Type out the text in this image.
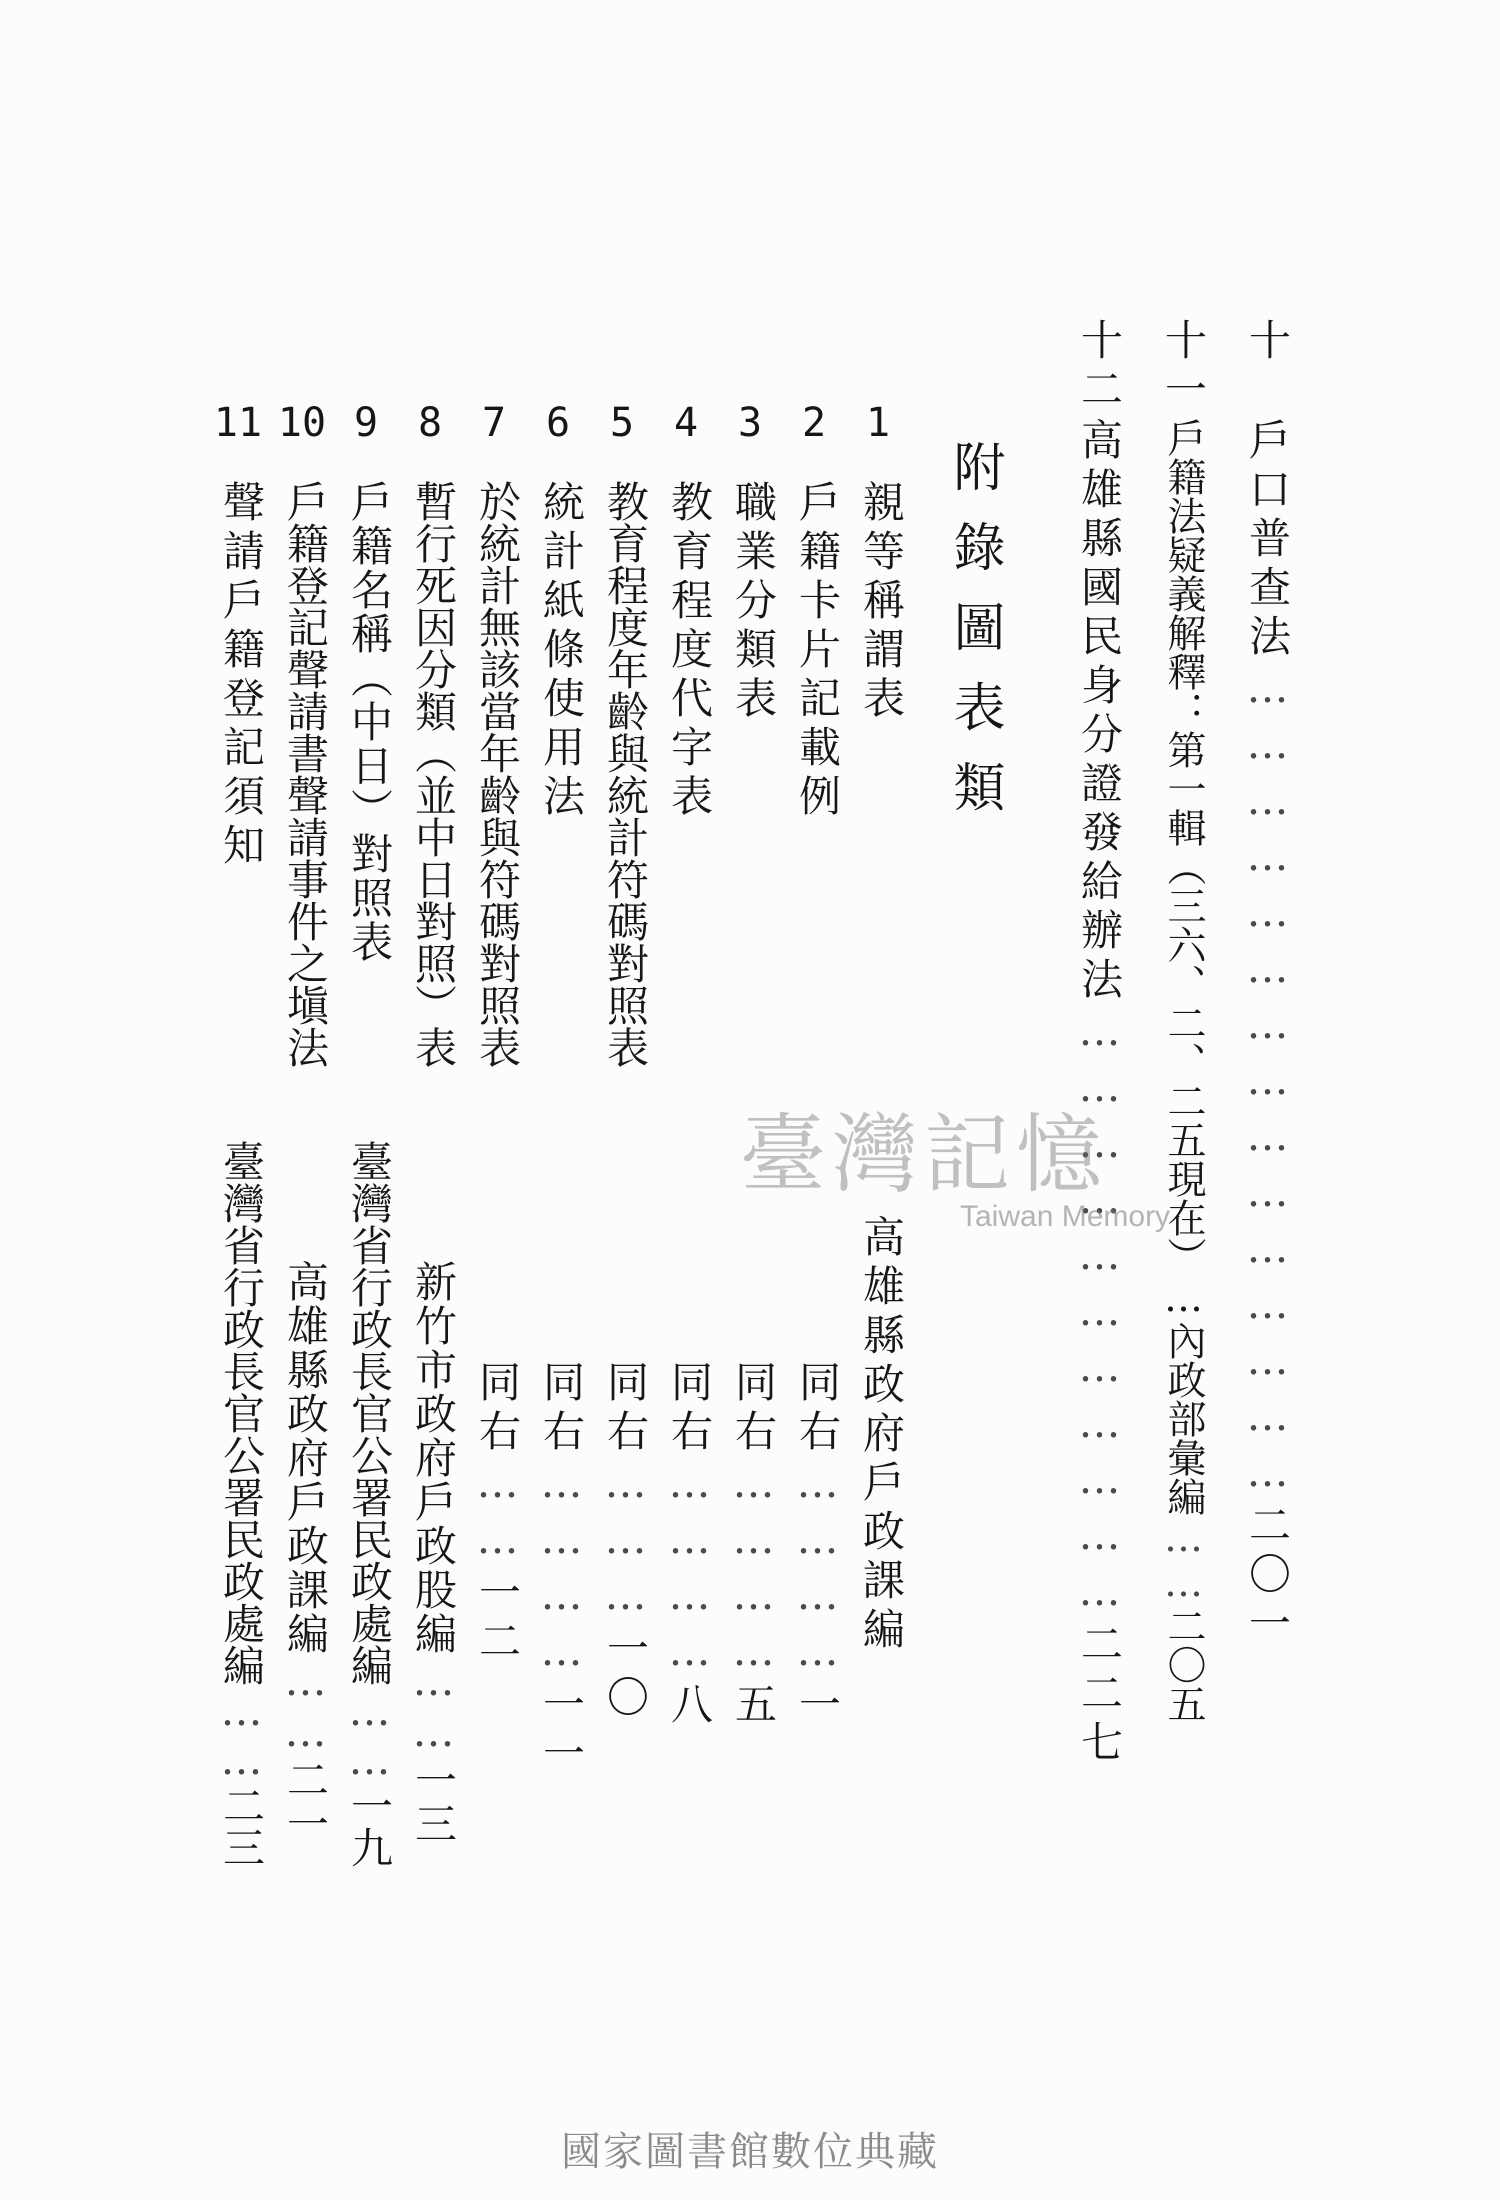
十
戶口普查法………………………………………二〇一
十一
戶籍法疑義解釋：第一輯（三六、二、二五現在）…內政部彙編……二〇五
十二
高雄縣國民身分證發給辦法……………………………二二七
附錄圖表類
1
2
3
4
5
6
7
8
9
10
11
親等稱謂表
戶籍卡片記載例
職業分類表
教育程度代字表
教育程度年齡與統計符碼對照表
統計紙條使用法
於統計無該當年齡與符碼對照表
暫行死因分類（並中日對照）表
戶籍名稱（中日）對照表
戶籍登記聲請書聲請事件之塡法
聲請戶籍登記須知
高雄縣政府戶政課編
同右…………一
同右…………五
同右…………八
同右………一〇
同右…………一一
同右……一二
新竹市政府戶政股編……一三
臺灣省行政長官公署民政處編……一九
高雄縣政府戶政課編……二一
臺灣省行政長官公署民政處編……二三
臺灣記憶
Taiwan Memory
國家圖書館數位典藏
